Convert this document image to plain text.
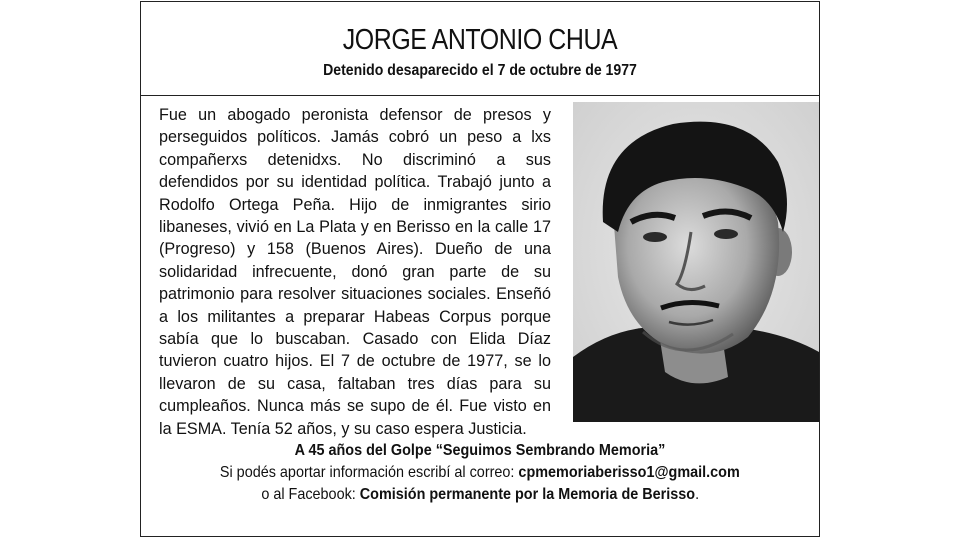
JORGE ANTONIO CHUA
Detenido desaparecido el 7 de octubre de 1977
Fue un abogado peronista defensor de presos y perseguidos políticos. Jamás cobró un peso a lxs compañerxs detenidxs. No discriminó a sus defendidos por su identidad política. Trabajó junto a Rodolfo Ortega Peña. Hijo de inmigrantes sirio libaneses, vivió en La Plata y en Berisso en la calle 17 (Progreso) y 158 (Buenos Aires). Dueño de una solidaridad infrecuente, donó gran parte de su patrimonio para resolver situaciones sociales. Enseñó a los militantes a preparar Habeas Corpus porque sabía que lo buscaban. Casado con Elida Díaz tuvieron cuatro hijos. El 7 de octubre de 1977, se lo llevaron de su casa, faltaban tres días para su cumpleaños. Nunca más se supo de él. Fue visto en la ESMA. Tenía 52 años, y su caso espera Justicia.
A 45 años del Golpe “Seguimos Sembrando Memoria”
Si podés aportar información escribí al correo: cpmemoriaberisso1@gmail.com
o al Facebook: Comisión permanente por la Memoria de Berisso.
